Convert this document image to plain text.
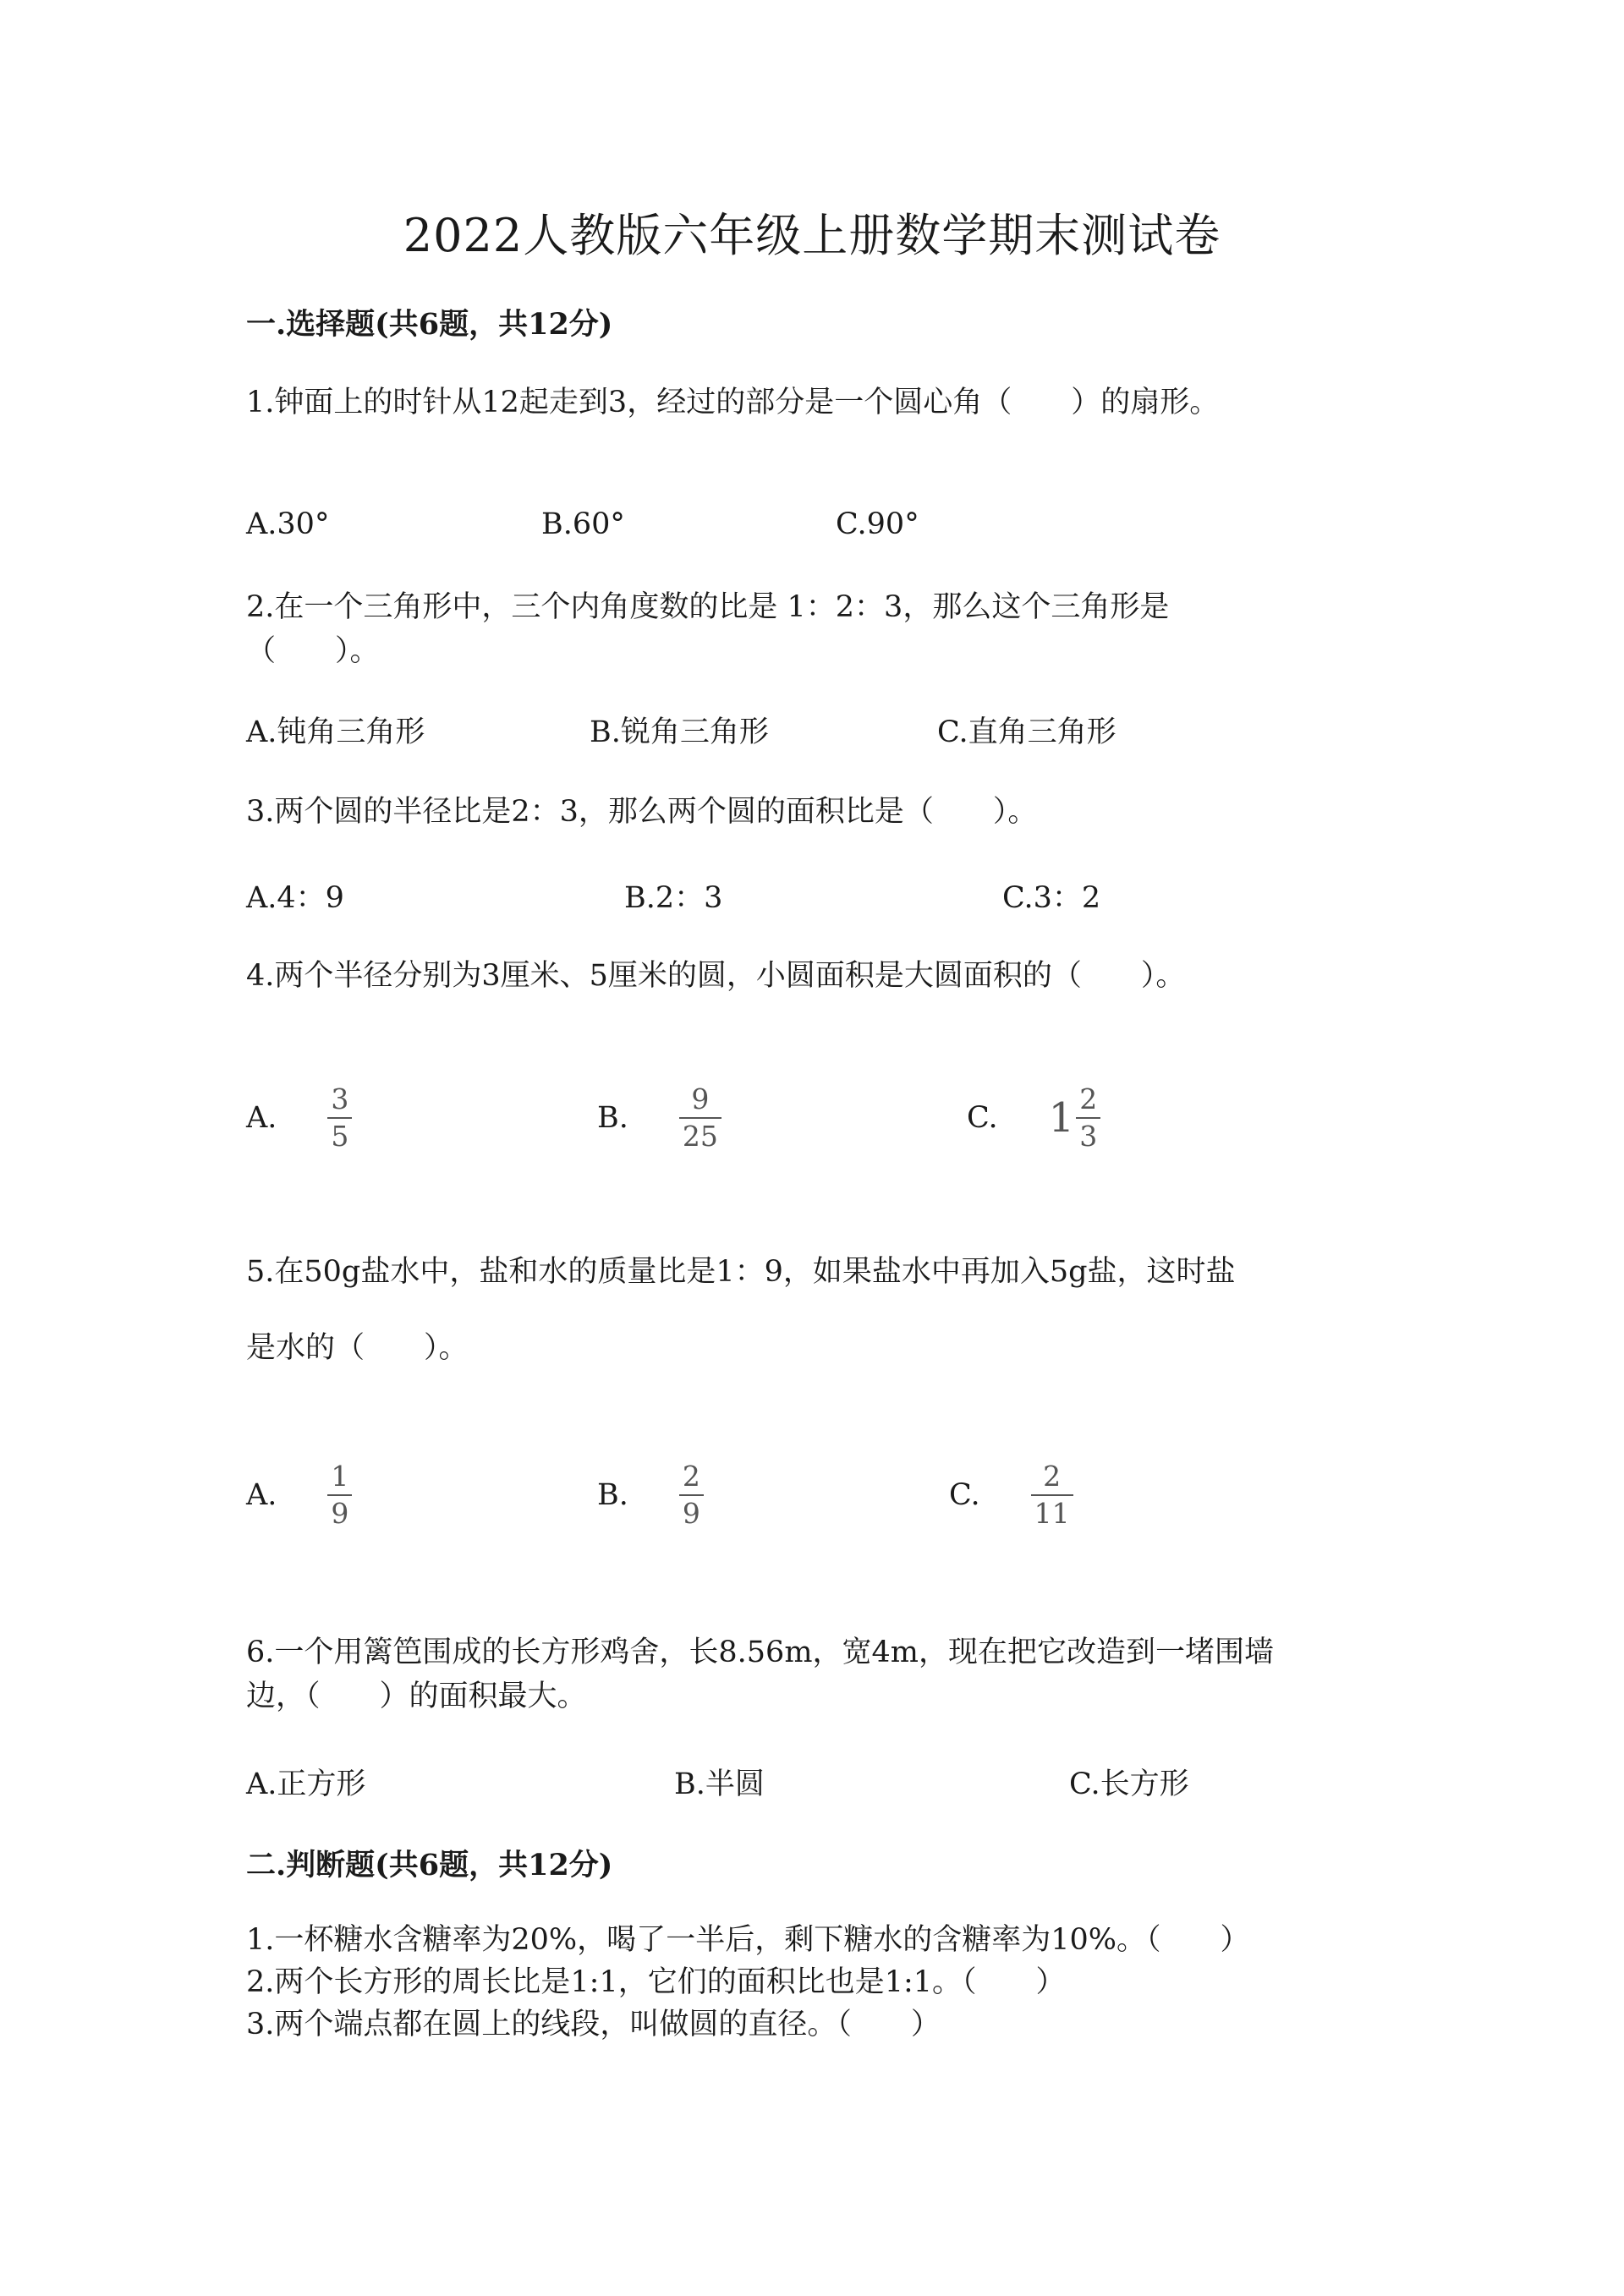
2022人教版六年级上册数学期末测试卷
一.选择题(共6题，共12分)
1.钟面上的时针从12起走到3，经过的部分是一个圆心角（　　）的扇形。
A.30°	B.60°	C.90°
2.在一个三角形中，三个内角度数的比是 1：2：3，那么这个三角形是
（　　）。
A.钝角三角形	B.锐角三角形	C.直角三角形
3.两个圆的半径比是2：3，那么两个圆的面积比是（　　）。
A.4：9	B.2：3	C.3：2
4.两个半径分别为3厘米、5厘米的圆，小圆面积是大圆面积的（　　）。
A. $\frac{3}{5}$	B. $\frac{9}{25}$	C. $1 \frac{2}{3}$
5.在50g盐水中，盐和水的质量比是1：9，如果盐水中再加入5g盐，这时盐
是水的（　　）。
A. $\frac{1}{9}$	B. $\frac{2}{9}$	C. $\frac{2}{11}$
6.一个用篱笆围成的长方形鸡舍，长8.56m，宽4m，现在把它改造到一堵围墙
边，（　　）的面积最大。
A.正方形	B.半圆	C.长方形
二.判断题(共6题，共12分)
1.一杯糖水含糖率为20%，喝了一半后，剩下糖水的含糖率为10%。（　　）
2.两个长方形的周长比是1:1，它们的面积比也是1:1。（　　）
3.两个端点都在圆上的线段，叫做圆的直径。（　　）
